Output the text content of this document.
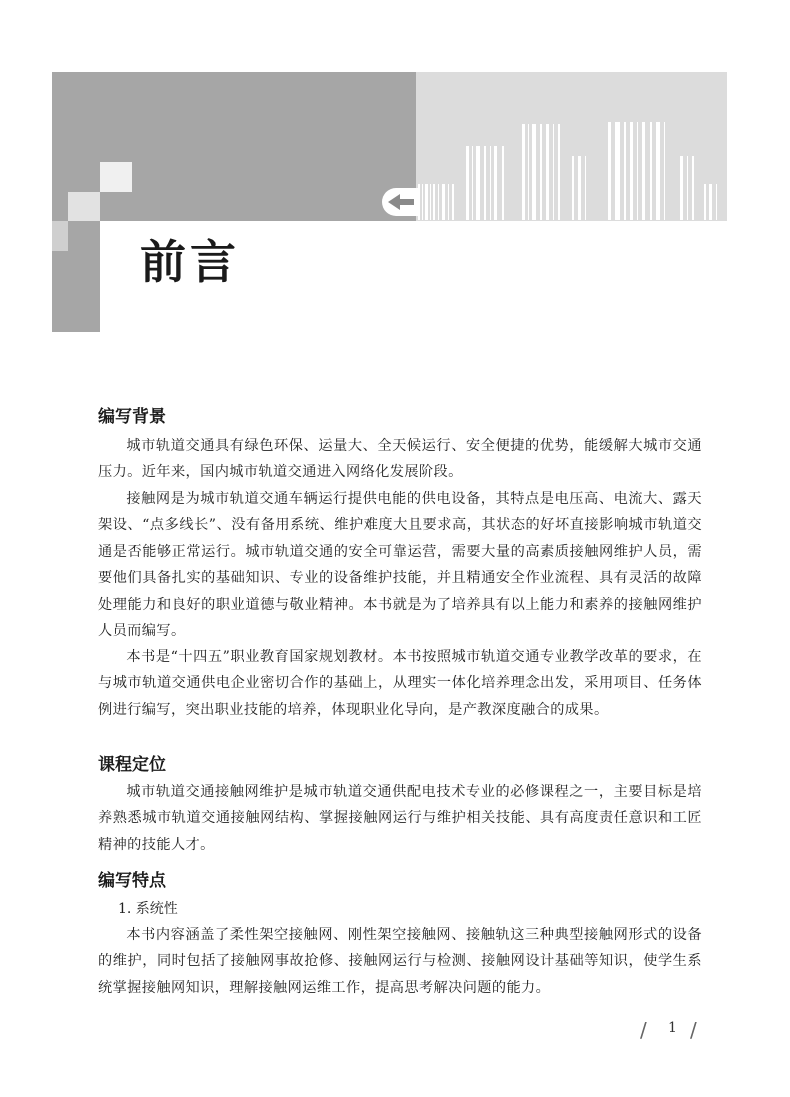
前言
编写背景

城市轨道交通具有绿色环保、运量大、全天候运行、安全便捷的优势，能缓解大城市交通压力。近年来，国内城市轨道交通进入网络化发展阶段。

接触网是为城市轨道交通车辆运行提供电能的供电设备，其特点是电压高、电流大、露天架设、“点多线长”、没有备用系统、维护难度大且要求高，其状态的好坏直接影响城市轨道交通是否能够正常运行。城市轨道交通的安全可靠运营，需要大量的高素质接触网维护人员，需要他们具备扎实的基础知识、专业的设备维护技能，并且精通安全作业流程、具有灵活的故障处理能力和良好的职业道德与敬业精神。本书就是为了培养具有以上能力和素养的接触网维护人员而编写。

本书是“十四五”职业教育国家规划教材。本书按照城市轨道交通专业教学改革的要求，在与城市轨道交通供电企业密切合作的基础上，从理实一体化培养理念出发，采用项目、任务体例进行编写，突出职业技能的培养，体现职业化导向，是产教深度融合的成果。

课程定位

城市轨道交通接触网维护是城市轨道交通供配电技术专业的必修课程之一，主要目标是培养熟悉城市轨道交通接触网结构、掌握接触网运行与维护相关技能、具有高度责任意识和工匠精神的技能人才。

编写特点

1. 系统性

本书内容涵盖了柔性架空接触网、刚性架空接触网、接触轨这三种典型接触网形式的设备的维护，同时包括了接触网事故抢修、接触网运行与检测、接触网设计基础等知识，使学生系统掌握接触网知识，理解接触网运维工作，提高思考解决问题的能力。

/ 1 /
